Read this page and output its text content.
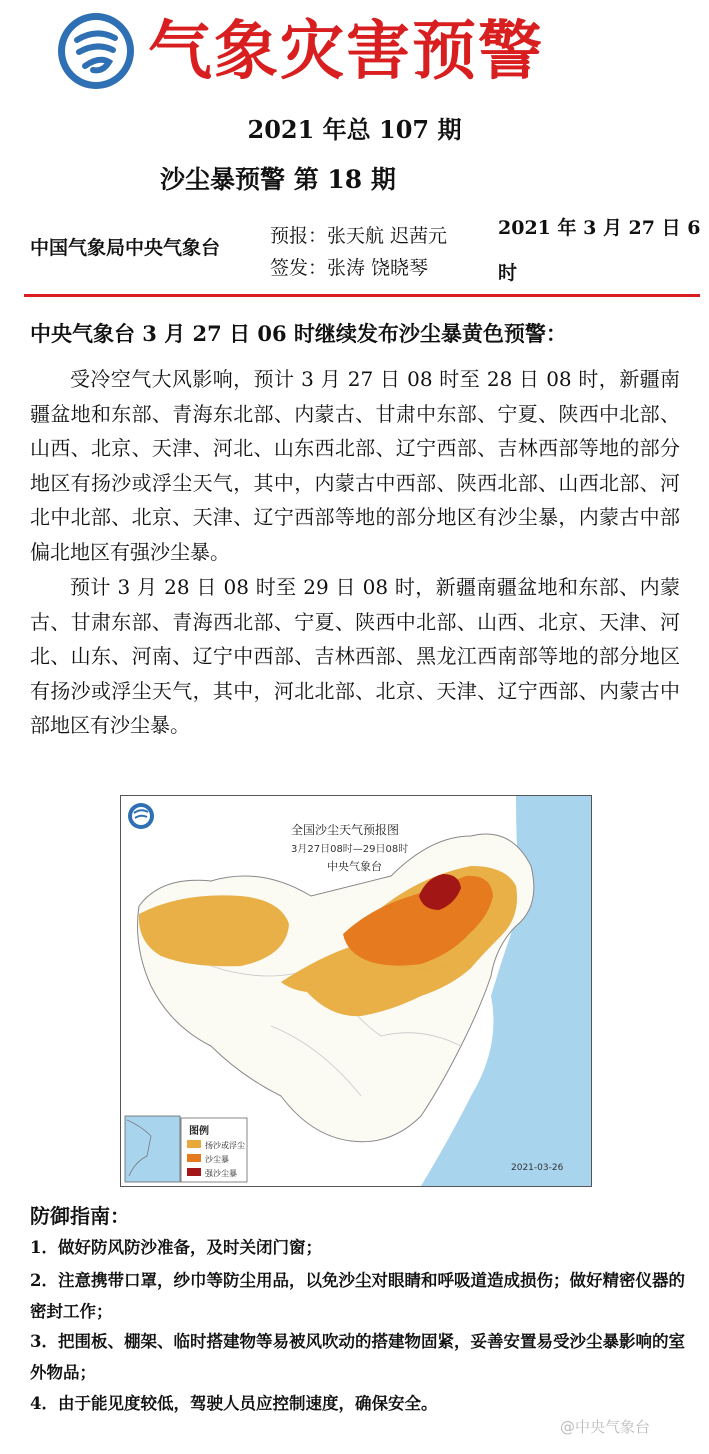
气象灾害预警
2021 年总 107 期
沙尘暴预警 第 18 期
中国气象局中央气象台
预报：张天航 迟茜元
签发：张涛 饶晓琴
2021 年 3 月 27 日 6
时
中央气象台 3 月 27 日 06 时继续发布沙尘暴黄色预警：

受冷空气大风影响，预计 3 月 27 日 08 时至 28 日 08 时，新疆南疆盆地和东部、青海东北部、内蒙古、甘肃中东部、宁夏、陕西中北部、山西、北京、天津、河北、山东西北部、辽宁西部、吉林西部等地的部分地区有扬沙或浮尘天气，其中，内蒙古中西部、陕西北部、山西北部、河北中北部、北京、天津、辽宁西部等地的部分地区有沙尘暴，内蒙古中部偏北地区有强沙尘暴。

预计 3 月 28 日 08 时至 29 日 08 时，新疆南疆盆地和东部、内蒙古、甘肃东部、青海西北部、宁夏、陕西中北部、山西、北京、天津、河北、山东、河南、辽宁中西部、吉林西部、黑龙江西南部等地的部分地区有扬沙或浮尘天气，其中，河北北部、北京、天津、辽宁西部、内蒙古中部地区有沙尘暴。

全国沙尘天气预报图
3月27日08时—29日08时
中央气象台
图例
扬沙或浮尘
沙尘暴
强沙尘暴
2021-03-26
防御指南：

1．做好防风防沙准备，及时关闭门窗；

2．注意携带口罩，纱巾等防尘用品，以免沙尘对眼睛和呼吸道造成损伤；做好精密仪器的密封工作；

3．把围板、棚架、临时搭建物等易被风吹动的搭建物固紧，妥善安置易受沙尘暴影响的室外物品；

4．由于能见度较低，驾驶人员应控制速度，确保安全。

@中央气象台
